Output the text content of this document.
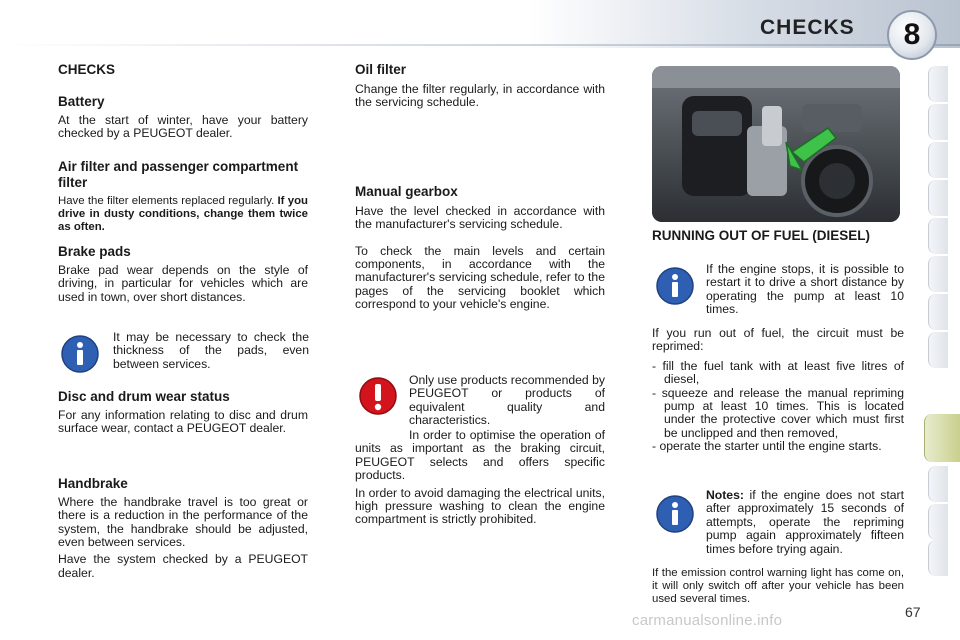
CHECKS	8

CHECKS

Battery

At the start of winter, have your battery checked by a PEUGEOT dealer.

Air filter and passenger compartment filter

Have the filter elements replaced regularly. If you drive in dusty conditions, change them twice as often.

Brake pads

Brake pad wear depends on the style of driving, in particular for vehicles which are used in town, over short distances.

It may be necessary to check the thickness of the pads, even between services.

Disc and drum wear status

For any information relating to disc and drum surface wear, contact a PEUGEOT dealer.

Handbrake

Where the handbrake travel is too great or there is a reduction in the performance of the system, the handbrake should be adjusted, even between services.

Have the system checked by a PEUGEOT dealer.

Oil filter

Change the filter regularly, in accordance with the servicing schedule.

Manual gearbox

Have the level checked in accordance with the manufacturer's servicing schedule.

To check the main levels and certain components, in accordance with the manufacturer's servicing schedule, refer to the pages of the servicing booklet which correspond to your vehicle's engine.

Only use products recommended by PEUGEOT or products of equivalent quality and characteristics.

In order to optimise the operation of units as important as the braking circuit, PEUGEOT selects and offers specific products.

In order to avoid damaging the electrical units, high pressure washing to clean the engine compartment is strictly prohibited.

RUNNING OUT OF FUEL (DIESEL)

If the engine stops, it is possible to restart it to drive a short distance by operating the pump at least 10 times.

If you run out of fuel, the circuit must be reprimed:

- fill the fuel tank with at least five litres of diesel,
- squeeze and release the manual repriming pump at least 10 times. This is located under the protective cover which must first be unclipped and then removed,
- operate the starter until the engine starts.

Notes: if the engine does not start after approximately 15 seconds of attempts, operate the repriming pump again approximately fifteen times before trying again.

If the emission control warning light has come on, it will only switch off after your vehicle has been used several times.

carmanualsonline.info	67
